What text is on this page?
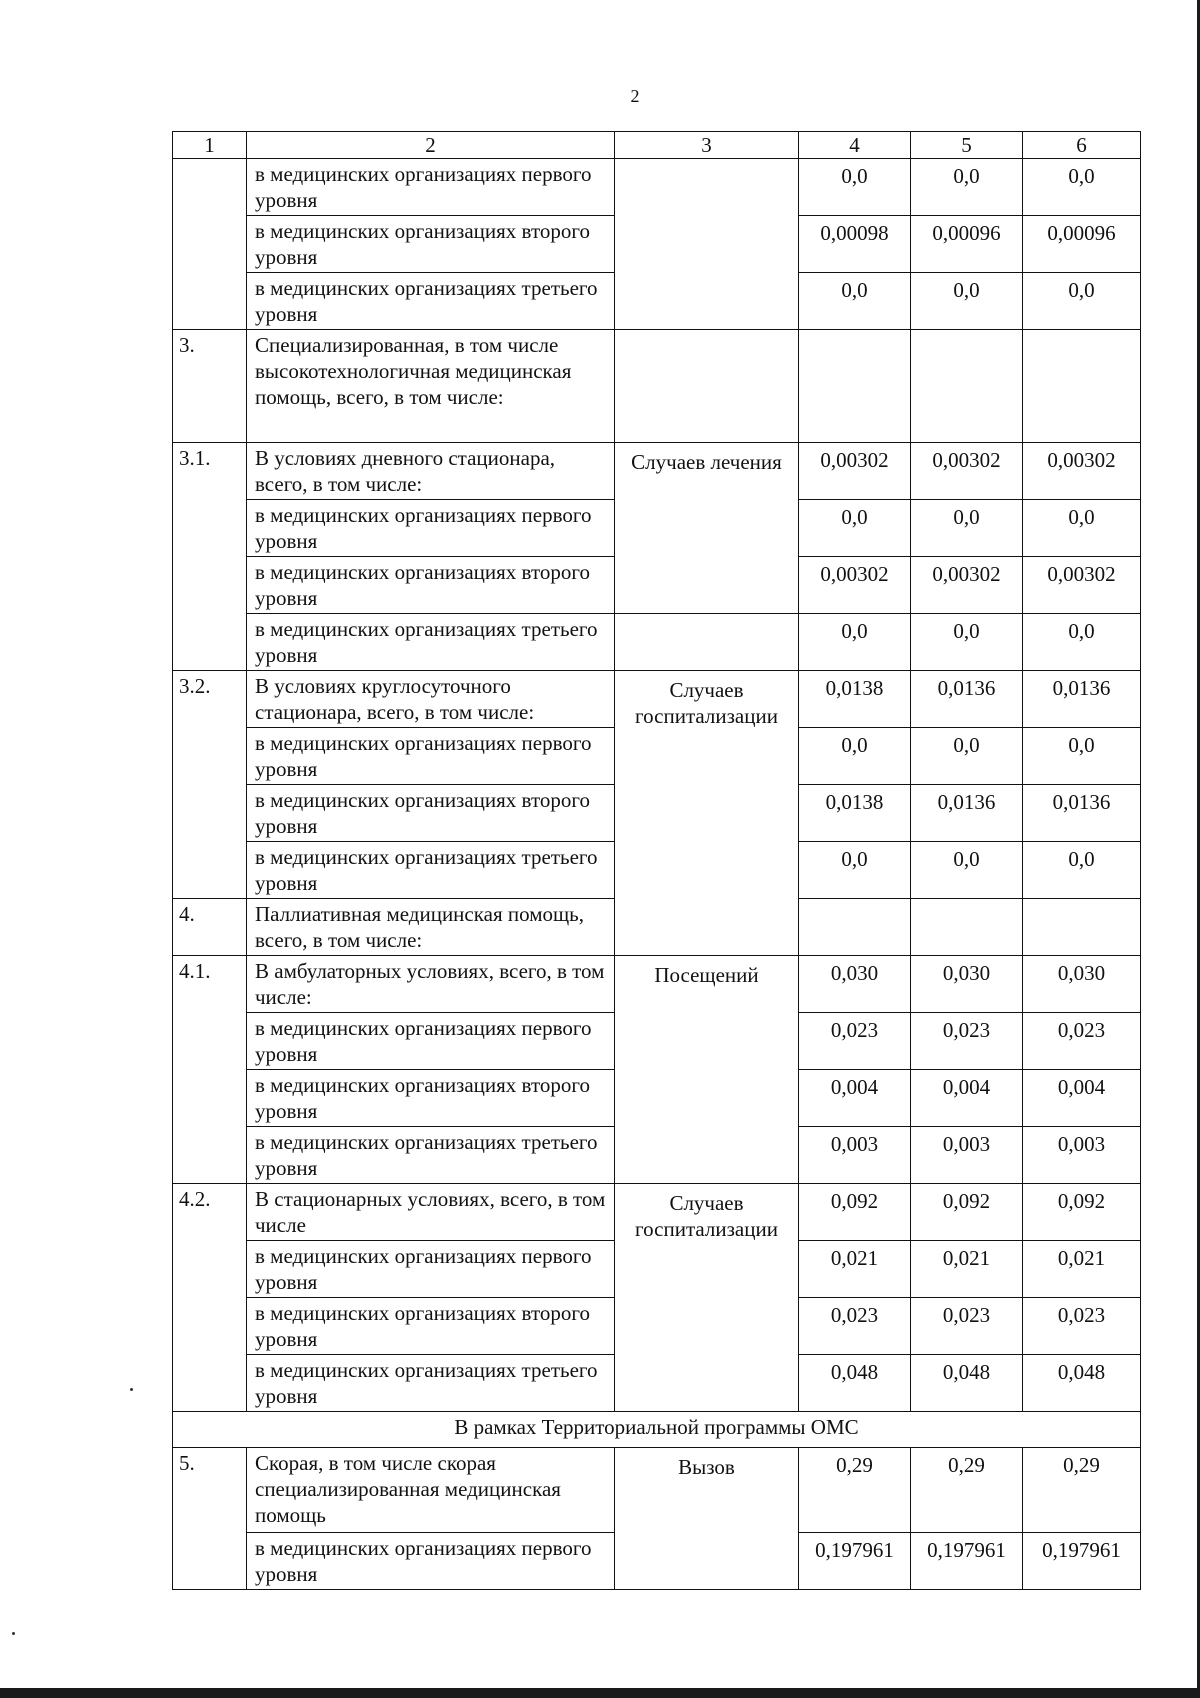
2
1	2	3	4	5	6
	в медицинских организациях первого уровня		0,0	0,0	0,0
	в медицинских организациях второго уровня		0,00098	0,00096	0,00096
	в медицинских организациях третьего уровня		0,0	0,0	0,0
3.	Специализированная, в том числе высокотехнологичная медицинская помощь, всего, в том числе:				
3.1.	В условиях дневного стационара, всего, в том числе:	Случаев лечения	0,00302	0,00302	0,00302
	в медицинских организациях первого уровня		0,0	0,0	0,0
	в медицинских организациях второго уровня		0,00302	0,00302	0,00302
	в медицинских организациях третьего уровня		0,0	0,0	0,0
3.2.	В условиях круглосуточного стационара, всего, в том числе:	Случаев госпитализации	0,0138	0,0136	0,0136
	в медицинских организациях первого уровня		0,0	0,0	0,0
	в медицинских организациях второго уровня		0,0138	0,0136	0,0136
	в медицинских организациях третьего уровня		0,0	0,0	0,0
4.	Паллиативная медицинская помощь, всего, в том числе:				
4.1.	В амбулаторных условиях, всего, в том числе:	Посещений	0,030	0,030	0,030
	в медицинских организациях первого уровня		0,023	0,023	0,023
	в медицинских организациях второго уровня		0,004	0,004	0,004
	в медицинских организациях третьего уровня		0,003	0,003	0,003
4.2.	В стационарных условиях, всего, в том числе	Случаев госпитализации	0,092	0,092	0,092
	в медицинских организациях первого уровня		0,021	0,021	0,021
	в медицинских организациях второго уровня		0,023	0,023	0,023
	в медицинских организациях третьего уровня		0,048	0,048	0,048
В рамках Территориальной программы ОМС					
5.	Скорая, в том числе скорая специализированная медицинская помощь	Вызов	0,29	0,29	0,29
	в медицинских организациях первого уровня		0,197961	0,197961	0,197961
